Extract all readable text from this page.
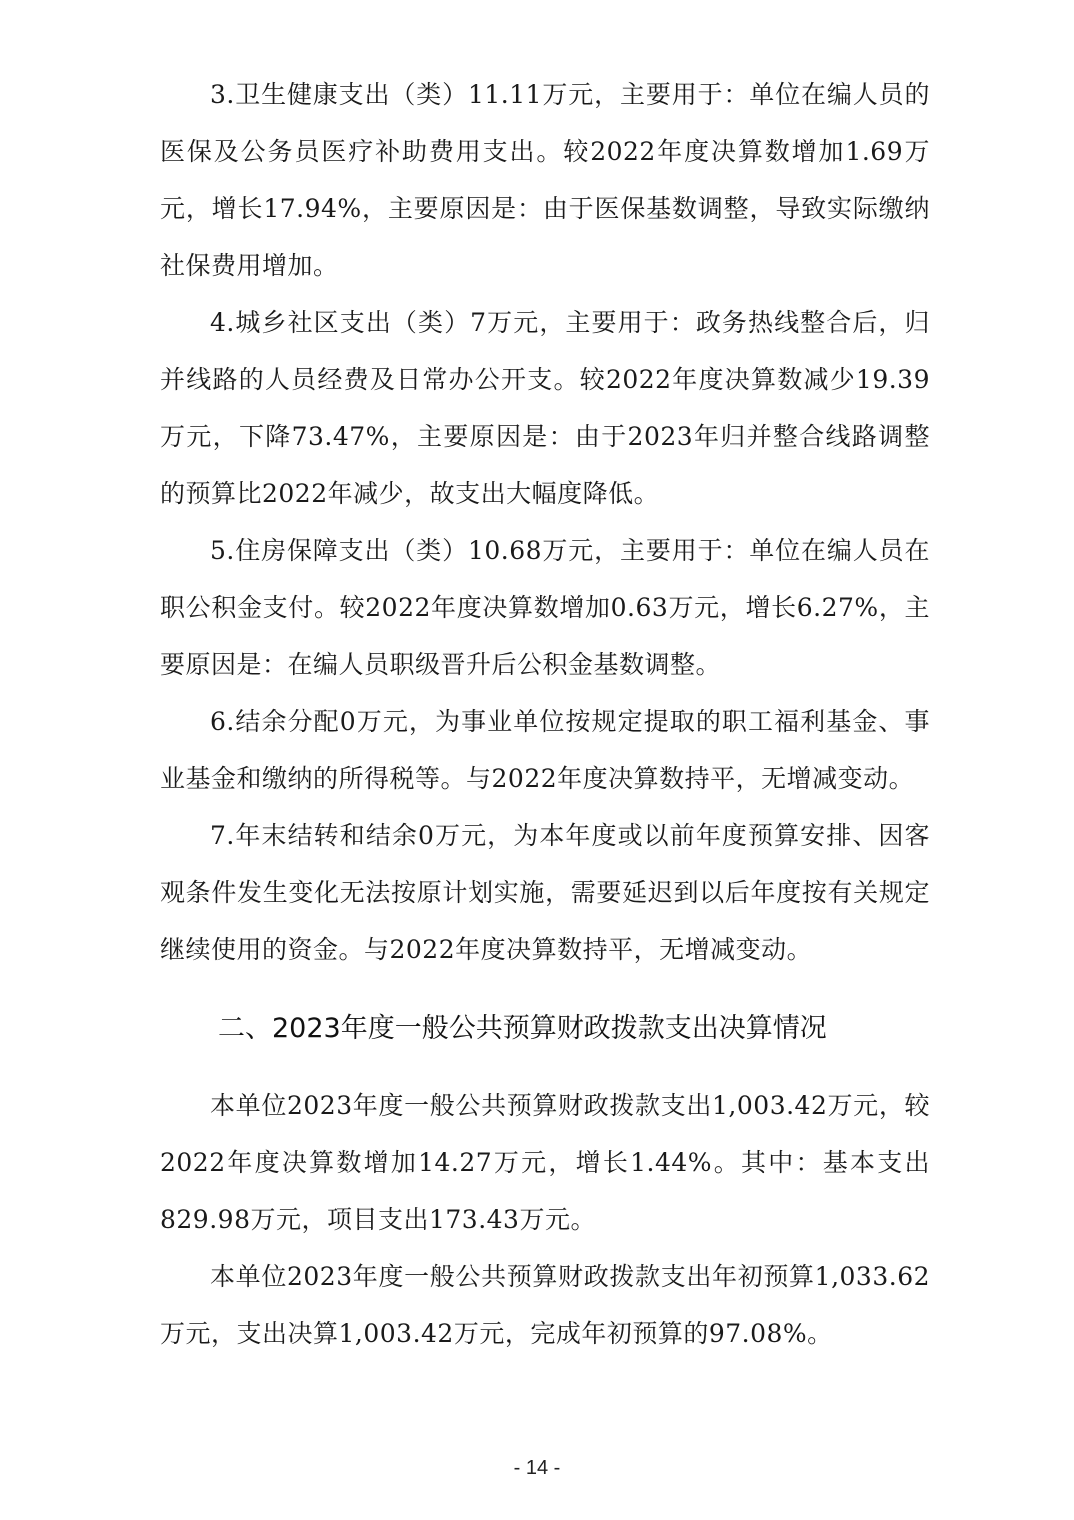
3.卫生健康支出（类）11.11万元，主要用于：单位在编人员的医保及公务员医疗补助费用支出。较2022年度决算数增加1.69万元，增长17.94%，主要原因是：由于医保基数调整，导致实际缴纳社保费用增加。

4.城乡社区支出（类）7万元，主要用于：政务热线整合后，归并线路的人员经费及日常办公开支。较2022年度决算数减少19.39万元，下降73.47%，主要原因是：由于2023年归并整合线路调整的预算比2022年减少，故支出大幅度降低。

5.住房保障支出（类）10.68万元，主要用于：单位在编人员在职公积金支付。较2022年度决算数增加0.63万元，增长6.27%，主要原因是：在编人员职级晋升后公积金基数调整。

6.结余分配0万元，为事业单位按规定提取的职工福利基金、事业基金和缴纳的所得税等。与2022年度决算数持平，无增减变动。

7.年末结转和结余0万元，为本年度或以前年度预算安排、因客观条件发生变化无法按原计划实施，需要延迟到以后年度按有关规定继续使用的资金。与2022年度决算数持平，无增减变动。

二、2023年度一般公共预算财政拨款支出决算情况

本单位2023年度一般公共预算财政拨款支出1,003.42万元，较2022年度决算数增加14.27万元，增长1.44%。其中：基本支出829.98万元，项目支出173.43万元。

本单位2023年度一般公共预算财政拨款支出年初预算1,033.62万元，支出决算1,003.42万元，完成年初预算的97.08%。

- 14 -
